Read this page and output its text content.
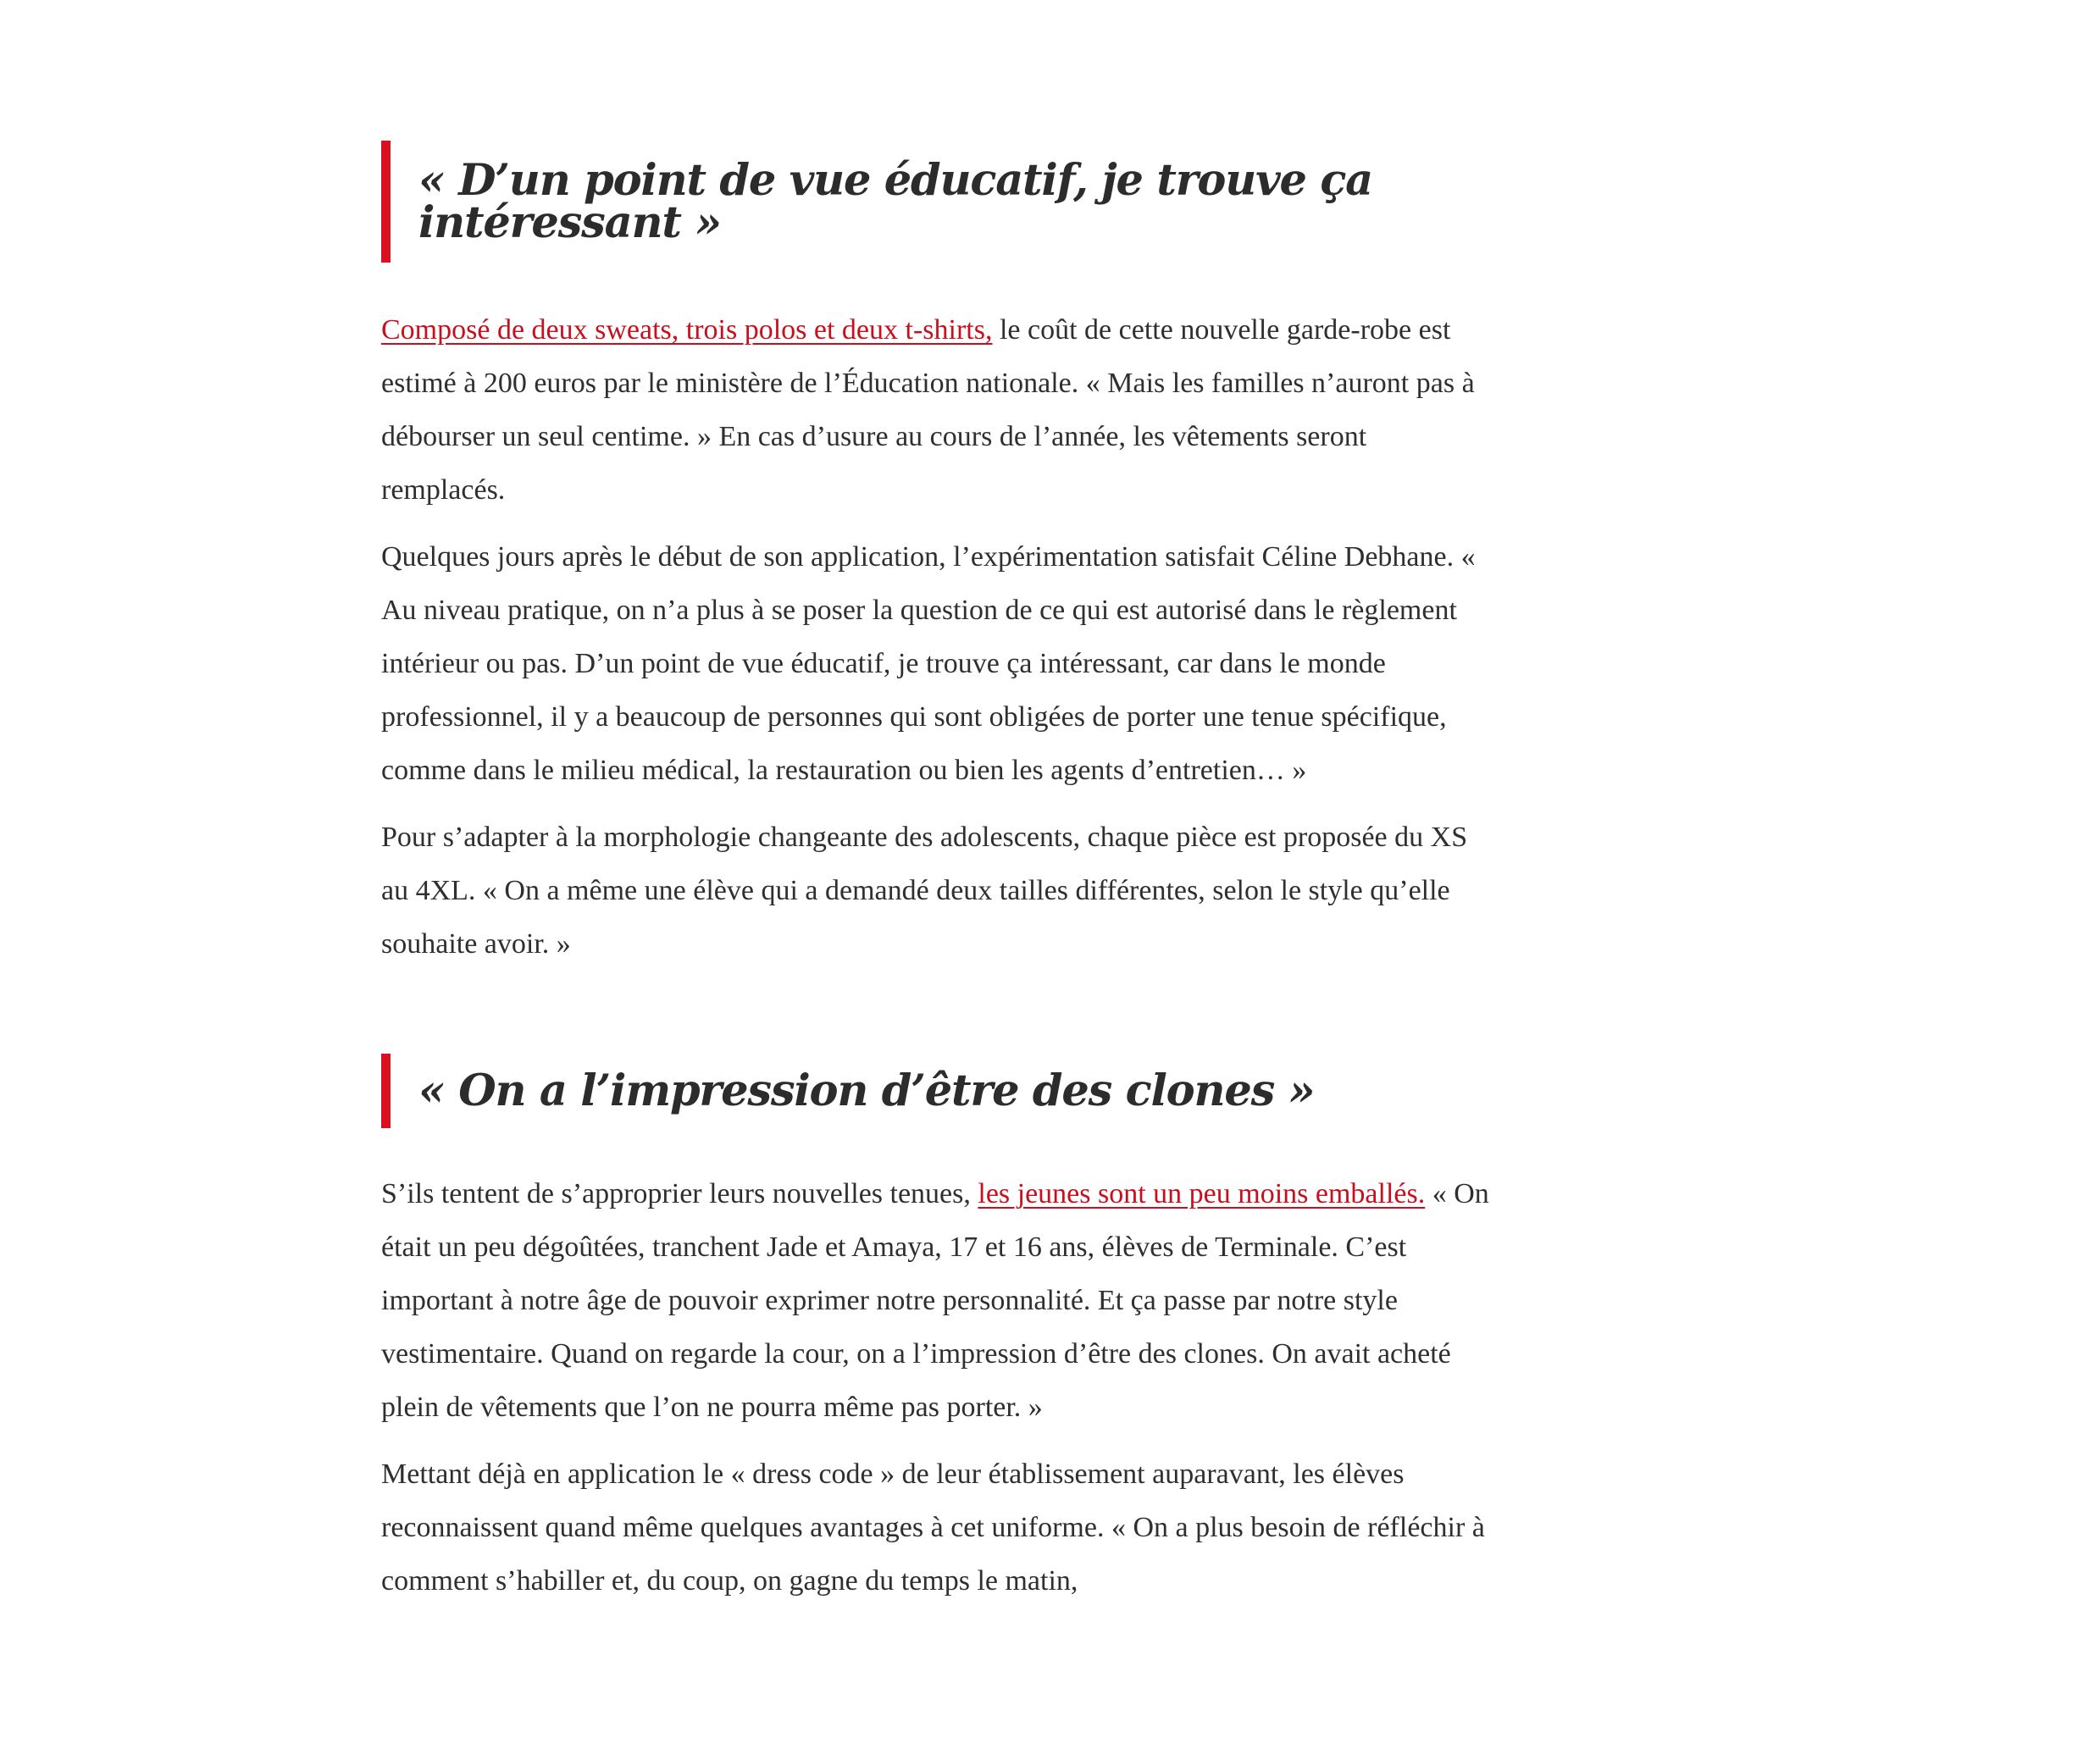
« D’un point de vue éducatif, je trouve ça intéressant »

Composé de deux sweats, trois polos et deux t-shirts, le coût de cette nouvelle garde-robe est estimé à 200 euros par le ministère de l’Éducation nationale. « Mais les familles n’auront pas à débourser un seul centime. » En cas d’usure au cours de l’année, les vêtements seront remplacés.

Quelques jours après le début de son application, l’expérimentation satisfait Céline Debhane. « Au niveau pratique, on n’a plus à se poser la question de ce qui est autorisé dans le règlement intérieur ou pas. D’un point de vue éducatif, je trouve ça intéressant, car dans le monde professionnel, il y a beaucoup de personnes qui sont obligées de porter une tenue spécifique, comme dans le milieu médical, la restauration ou bien les agents d’entretien… »

Pour s’adapter à la morphologie changeante des adolescents, chaque pièce est proposée du XS au 4XL. « On a même une élève qui a demandé deux tailles différentes, selon le style qu’elle souhaite avoir. »

« On a l’impression d’être des clones »

S’ils tentent de s’approprier leurs nouvelles tenues, les jeunes sont un peu moins emballés. « On était un peu dégoûtées, tranchent Jade et Amaya, 17 et 16 ans, élèves de Terminale. C’est important à notre âge de pouvoir exprimer notre personnalité. Et ça passe par notre style vestimentaire. Quand on regarde la cour, on a l’impression d’être des clones. On avait acheté plein de vêtements que l’on ne pourra même pas porter. »

Mettant déjà en application le « dress code » de leur établissement auparavant, les élèves reconnaissent quand même quelques avantages à cet uniforme. « On a plus besoin de réfléchir à comment s’habiller et, du coup, on gagne du temps le matin,
